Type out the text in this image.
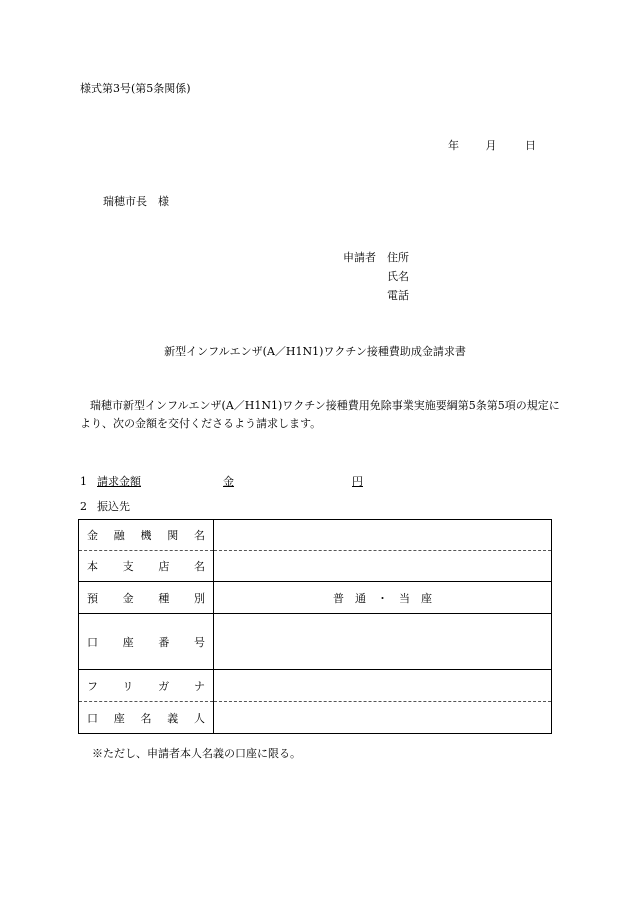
様式第3号(第5条関係)
年 月	日
瑞穂市長　様
申請者 住所
氏名
電話
新型インフルエンザ(A／H1N1)ワクチン接種費助成金請求書
瑞穂市新型インフルエンザ(A／H1N1)ワクチン接種費用免除事業実施要綱第5条第5項の規定により、次の金額を交付くださるよう請求します。
1 請求金額	金	円
2 振込先
金融機関名	

本支店名	

預金種別	普　通　・　当　座

口座番号	

フリガナ	

口座名義人	

※ただし、申請者本人名義の口座に限る。
